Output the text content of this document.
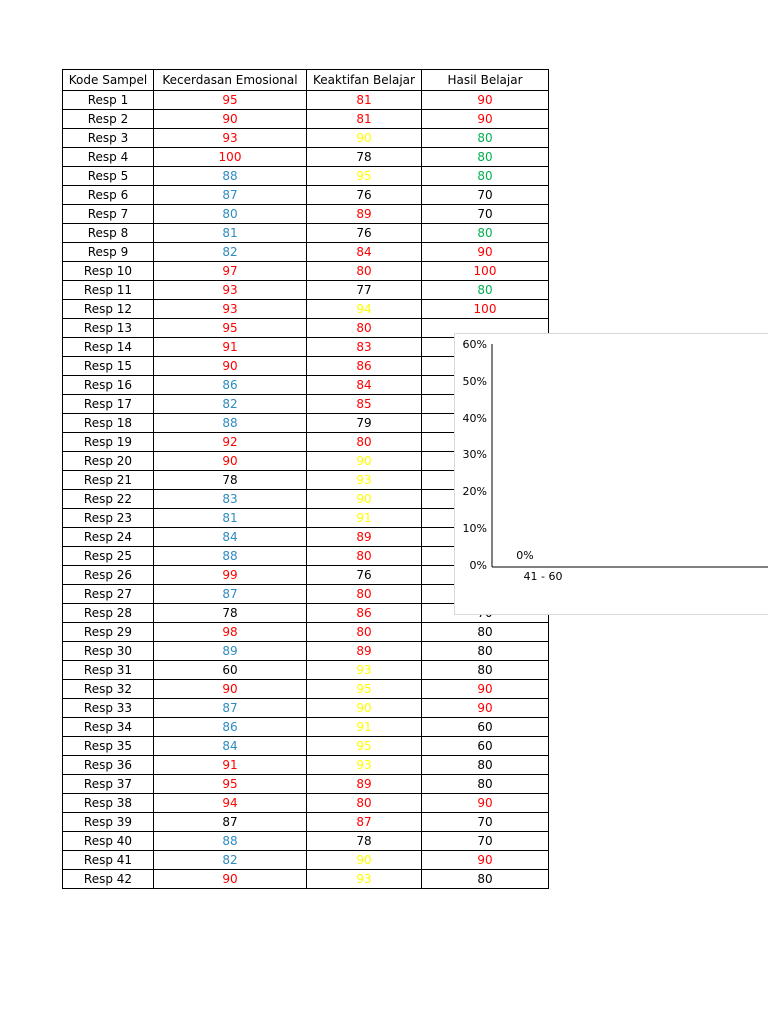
Kode Sampel	Kecerdasan Emosional	Keaktifan Belajar	Hasil Belajar
Resp 1	95	81	90
Resp 2	90	81	90
Resp 3	93	90	80
Resp 4	100	78	80
Resp 5	88	95	80
Resp 6	87	76	70
Resp 7	80	89	70
Resp 8	81	76	80
Resp 9	82	84	90
Resp 10	97	80	100
Resp 11	93	77	80
Resp 12	93	94	100
Resp 13	95	80	
Resp 14	91	83	
Resp 15	90	86	
Resp 16	86	84	
Resp 17	82	85	
Resp 18	88	79	
Resp 19	92	80	
Resp 20	90	90	
Resp 21	78	93	
Resp 22	83	90	
Resp 23	81	91	
Resp 24	84	89	
Resp 25	88	80	
Resp 26	99	76	
Resp 27	87	80	
Resp 28	78	86	
Resp 29	98	80	80
Resp 30	89	89	80
Resp 31	60	93	80
Resp 32	90	95	90
Resp 33	87	90	90
Resp 34	86	91	60
Resp 35	84	95	60
Resp 36	91	93	80
Resp 37	95	89	80
Resp 38	94	80	90
Resp 39	87	87	70
Resp 40	88	78	70
Resp 41	82	90	90
Resp 42	90	93	80
60%
50%
40%
30%
20%
10%
0%
0%
41 - 60
